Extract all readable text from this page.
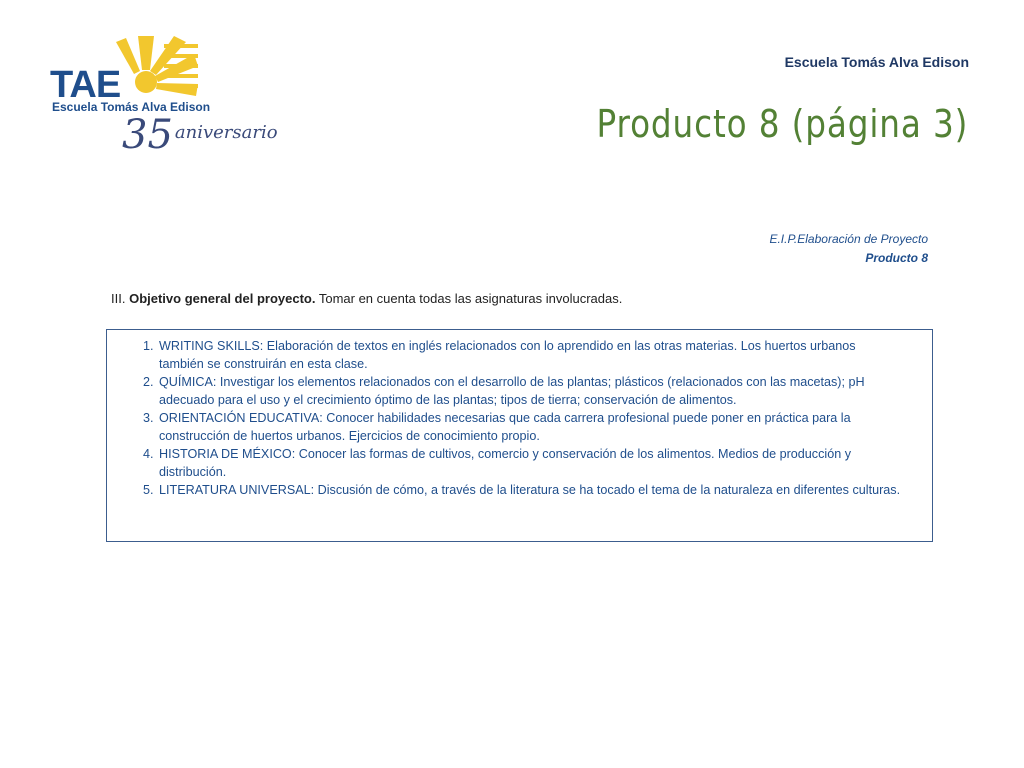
TAE
Escuela Tomás Alva Edison
35 aniversario
Escuela Tomás Alva Edison
Producto 8 (página 3)
E.I.P.Elaboración de Proyecto
Producto 8
III. Objetivo general del proyecto. Tomar en cuenta todas las asignaturas involucradas.
1. WRITING SKILLS: Elaboración de textos en inglés relacionados con lo aprendido en las otras materias. Los huertos urbanos también se construirán en esta clase.
2. QUÍMICA: Investigar los elementos relacionados con el desarrollo de las plantas; plásticos (relacionados con las macetas); pH adecuado para el uso y el crecimiento óptimo de las plantas; tipos de tierra; conservación de alimentos.
3. ORIENTACIÓN EDUCATIVA: Conocer habilidades necesarias que cada carrera profesional puede poner en práctica para la construcción de huertos urbanos. Ejercicios de conocimiento propio.
4. HISTORIA DE MÉXICO: Conocer las formas de cultivos, comercio y conservación de los alimentos. Medios de producción y distribución.
5. LITERATURA UNIVERSAL: Discusión de cómo, a través de la literatura se ha tocado el tema de la naturaleza en diferentes culturas.
